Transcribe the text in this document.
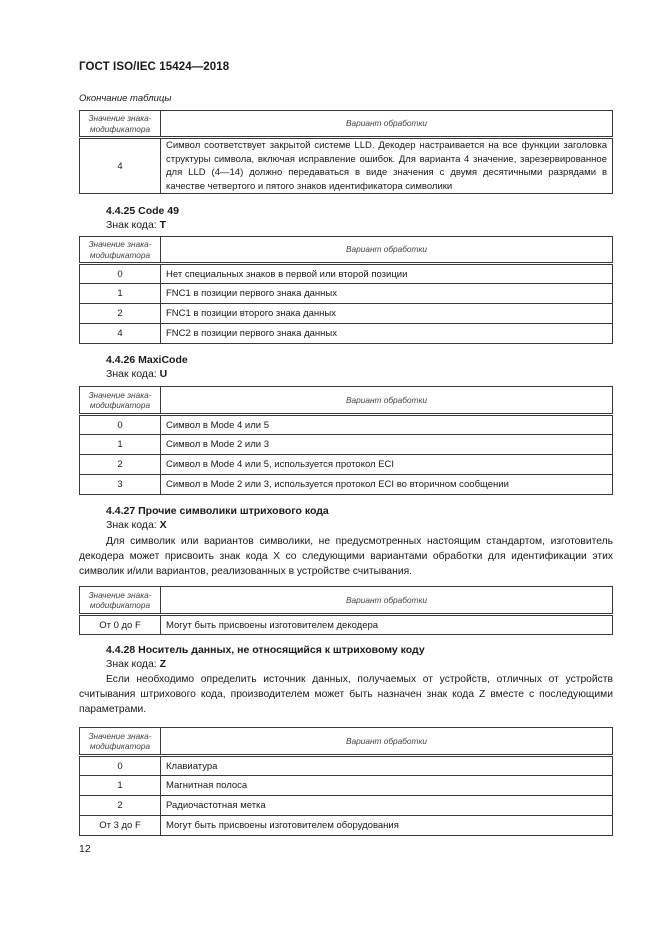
ГОСТ ISO/IEC 15424—2018
Окончание таблицы
Значение знака-модификатора	Вариант обработки
4	Символ соответствует закрытой системе LLD. Декодер настраивается на все функции заголовка структуры символа, включая исправление ошибок. Для варианта 4 значение, зарезервированное для LLD (4—14) должно передаваться в виде значения с двумя десятичными разрядами в качестве четвертого и пятого знаков идентификатора символики
4.4.25 Code 49
Знак кода: T
Значение знака-модификатора	Вариант обработки
0	Нет специальных знаков в первой или второй позиции
1	FNC1 в позиции первого знака данных
2	FNC1 в позиции второго знака данных
4	FNC2 в позиции первого знака данных
4.4.26 MaxiCode
Знак кода: U
Значение знака-модификатора	Вариант обработки
0	Символ в Mode 4 или 5
1	Символ в Mode 2 или 3
2	Символ в Mode 4 или 5, используется протокол ECI
3	Символ в Mode 2 или 3, используется протокол ECI во вторичном сообщении
4.4.27 Прочие символики штрихового кода
Знак кода: X
Для символик или вариантов символики, не предусмотренных настоящим стандартом, изготовитель декодера может присвоить знак кода X со следующими вариантами обработки для идентификации этих символик и/или вариантов, реализованных в устройстве считывания.
Значение знака-модификатора	Вариант обработки
От 0 до F	Могут быть присвоены изготовителем декодера
4.4.28 Носитель данных, не относящийся к штриховому коду
Знак кода: Z
Если необходимо определить источник данных, получаемых от устройств, отличных от устройств считывания штрихового кода, производителем может быть назначен знак кода Z вместе с последующими параметрами.
Значение знака-модификатора	Вариант обработки
0	Клавиатура
1	Магнитная полоса
2	Радиочастотная метка
От 3 до F	Могут быть присвоены изготовителем оборудования
12
